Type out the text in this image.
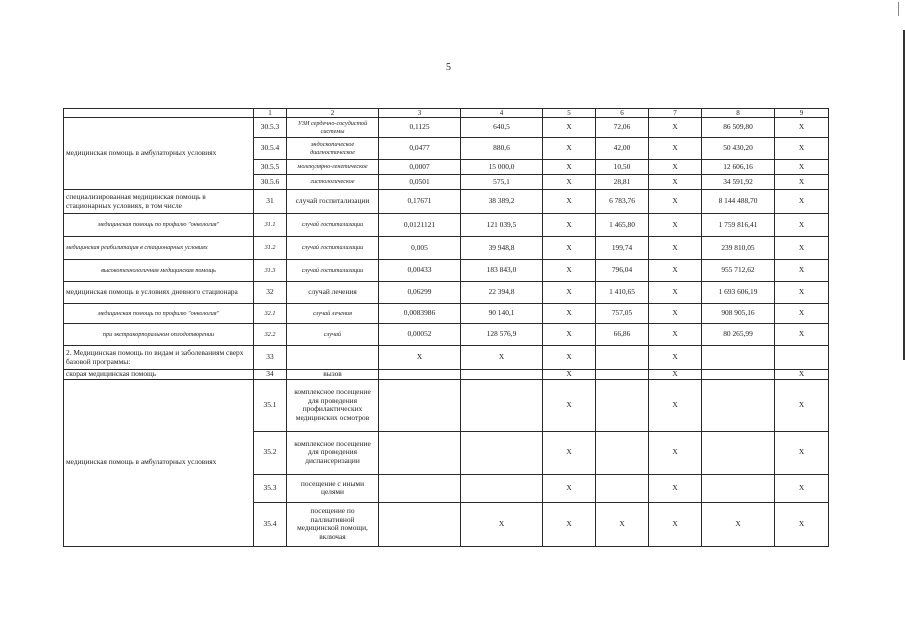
5
	1	2	3	4	5	6	7	8	9
медицинская помощь в амбулаторных условиях	30.5.3	УЗИ сердечно-сосудистой системы	0,1125	640,5	X	72,06	X	86 509,80	X
	30.5.4	эндоскопическое диагностическое	0,0477	880,6	X	42,00	X	50 430,20	X
	30.5.5	молекулярно-генетическое	0,0007	15 000,0	X	10,50	X	12 606,16	X
	30.5.6	гистологическое	0,0501	575,1	X	28,81	X	34 591,92	X
специализированная медицинская помощь в стационарных условиях, в том числе	31	случай госпитализации	0,17671	38 389,2	X	6 783,76	X	8 144 488,70	X
медицинская помощь по профилю "онкология"	31.1	случай госпитализации	0,0121121	121 039,5	X	1 465,80	X	1 759 816,41	X
медицинская реабилитация в стационарных условиях	31.2	случай госпитализации	0,005	39 948,8	X	199,74	X	239 810,05	X
высокотехнологичная медицинская помощь	31.3	случай госпитализации	0,00433	183 843,0	X	796,04	X	955 712,62	X
медицинская помощь в условиях дневного стационара	32	случай лечения	0,06299	22 394,8	X	1 410,65	X	1 693 606,19	X
медицинская помощь по профилю "онкология"	32.1	случай лечения	0,0083986	90 140,1	X	757,05	X	908 905,16	X
при экстракорпоральном оплодотворении	32.2	случай	0,00052	128 576,9	X	66,86	X	80 265,99	X
2. Медицинская помощь по видам и заболеваниям сверх базовой программы:	33		X	X	X		X		
скорая медицинская помощь	34	вызов			X		X		X
медицинская помощь в амбулаторных условиях	35.1	комплексное посещение для проведения профилактических медицинских осмотров			X		X		X
	35.2	комплексное посещение для проведения диспансеризации			X		X		X
	35.3	посещение с иными целями			X		X		X
	35.4	посещение по паллиативной медицинской помощи, включая		X	X	X	X	X	X
